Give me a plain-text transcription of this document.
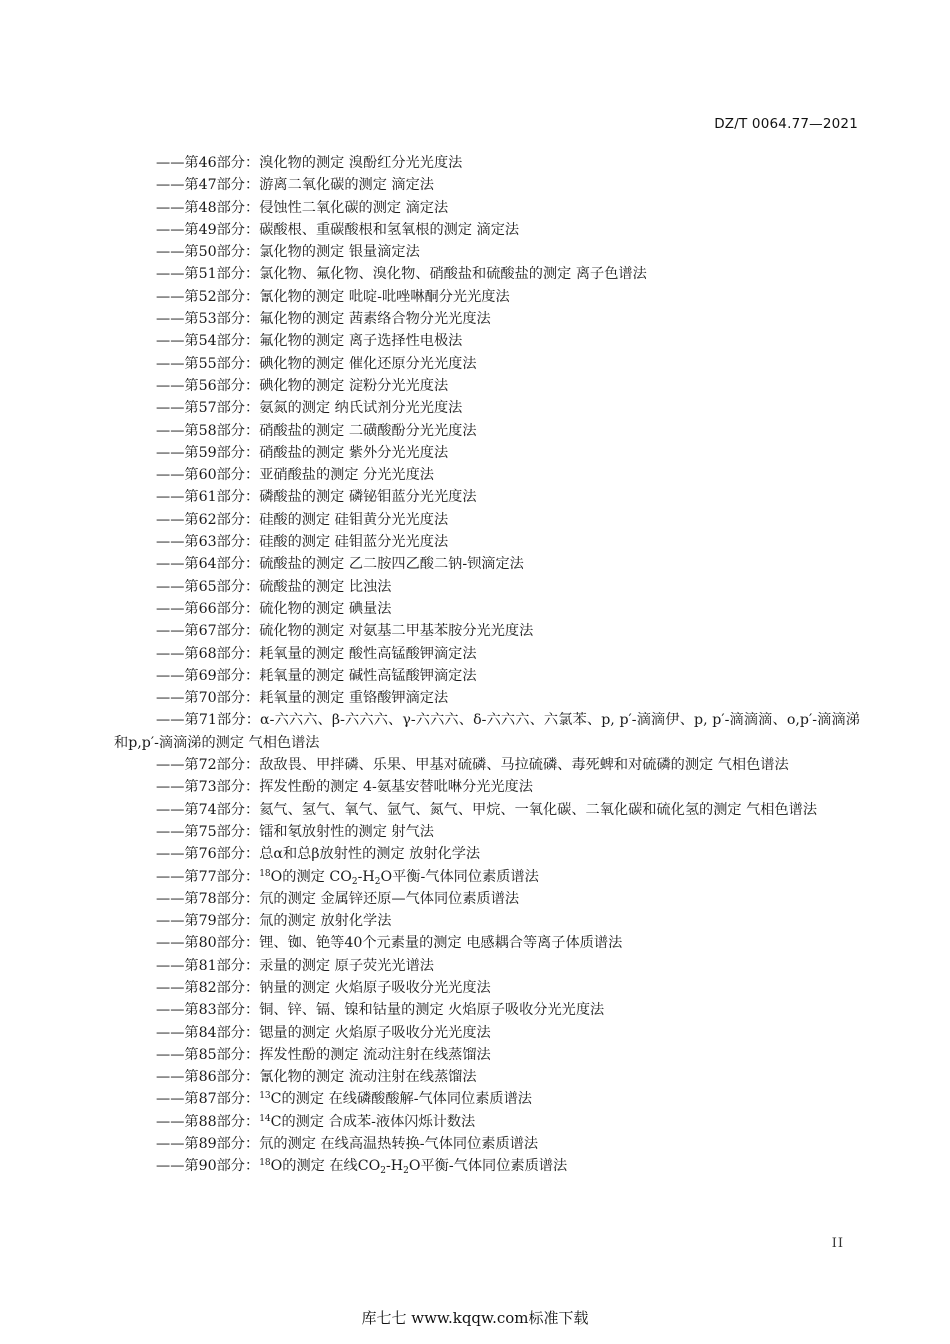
DZ/T 0064.77—2021
——第46部分：溴化物的测定 溴酚红分光光度法
——第47部分：游离二氧化碳的测定 滴定法
——第48部分：侵蚀性二氧化碳的测定 滴定法
——第49部分：碳酸根、重碳酸根和氢氧根的测定 滴定法
——第50部分：氯化物的测定 银量滴定法
——第51部分：氯化物、氟化物、溴化物、硝酸盐和硫酸盐的测定 离子色谱法
——第52部分：氰化物的测定 吡啶-吡唑啉酮分光光度法
——第53部分：氟化物的测定 茜素络合物分光光度法
——第54部分：氟化物的测定 离子选择性电极法
——第55部分：碘化物的测定 催化还原分光光度法
——第56部分：碘化物的测定 淀粉分光光度法
——第57部分：氨氮的测定 纳氏试剂分光光度法
——第58部分：硝酸盐的测定 二磺酸酚分光光度法
——第59部分：硝酸盐的测定 紫外分光光度法
——第60部分：亚硝酸盐的测定 分光光度法
——第61部分：磷酸盐的测定 磷铋钼蓝分光光度法
——第62部分：硅酸的测定 硅钼黄分光光度法
——第63部分：硅酸的测定 硅钼蓝分光光度法
——第64部分：硫酸盐的测定 乙二胺四乙酸二钠-钡滴定法
——第65部分：硫酸盐的测定 比浊法
——第66部分：硫化物的测定 碘量法
——第67部分：硫化物的测定 对氨基二甲基苯胺分光光度法
——第68部分：耗氧量的测定 酸性高锰酸钾滴定法
——第69部分：耗氧量的测定 碱性高锰酸钾滴定法
——第70部分：耗氧量的测定 重铬酸钾滴定法
——第71部分：α-六六六、β-六六六、γ-六六六、δ-六六六、六氯苯、p, p′-滴滴伊、p, p′-滴滴滴、o,p′-滴滴涕和p,p′-滴滴涕的测定 气相色谱法
——第72部分：敌敌畏、甲拌磷、乐果、甲基对硫磷、马拉硫磷、毒死蜱和对硫磷的测定 气相色谱法
——第73部分：挥发性酚的测定 4-氨基安替吡啉分光光度法
——第74部分：氦气、氢气、氧气、氩气、氮气、甲烷、一氧化碳、二氧化碳和硫化氢的测定 气相色谱法
——第75部分：镭和氡放射性的测定 射气法
——第76部分：总α和总β放射性的测定 放射化学法
——第77部分：$^{18}$O的测定 $CO_2-H_2O$平衡-气体同位素质谱法
——第78部分：氘的测定 金属锌还原—气体同位素质谱法
——第79部分：氚的测定 放射化学法
——第80部分：锂、铷、铯等40个元素量的测定 电感耦合等离子体质谱法
——第81部分：汞量的测定 原子荧光光谱法
——第82部分：钠量的测定 火焰原子吸收分光光度法
——第83部分：铜、锌、镉、镍和钴量的测定 火焰原子吸收分光光度法
——第84部分：锶量的测定 火焰原子吸收分光光度法
——第85部分：挥发性酚的测定 流动注射在线蒸馏法
——第86部分：氰化物的测定 流动注射在线蒸馏法
——第87部分：$^{13}$C的测定 在线磷酸酸解-气体同位素质谱法
——第88部分：$^{14}$C的测定 合成苯-液体闪烁计数法
——第89部分：氘的测定 在线高温热转换-气体同位素质谱法
——第90部分：$^{18}$O的测定 在线$CO_2-H_2O$平衡-气体同位素质谱法
II
库七七 www.kqqw.com标准下载
